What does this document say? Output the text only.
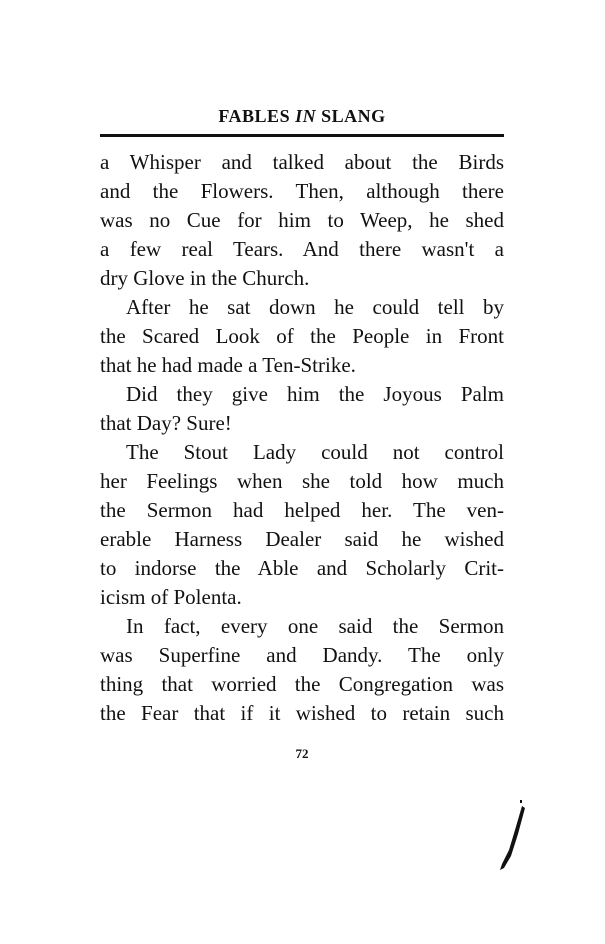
FABLES IN SLANG
a Whisper and talked about the Birds
and the Flowers. Then, although there
was no Cue for him to Weep, he shed
a few real Tears. And there wasn't a
dry Glove in the Church.
After he sat down he could tell by
the Scared Look of the People in Front
that he had made a Ten-Strike.
Did they give him the Joyous Palm
that Day? Sure!
The Stout Lady could not control
her Feelings when she told how much
the Sermon had helped her. The ven-
erable Harness Dealer said he wished
to indorse the Able and Scholarly Crit-
icism of Polenta.
In fact, every one said the Sermon
was Superfine and Dandy. The only
thing that worried the Congregation was
the Fear that if it wished to retain such
72
